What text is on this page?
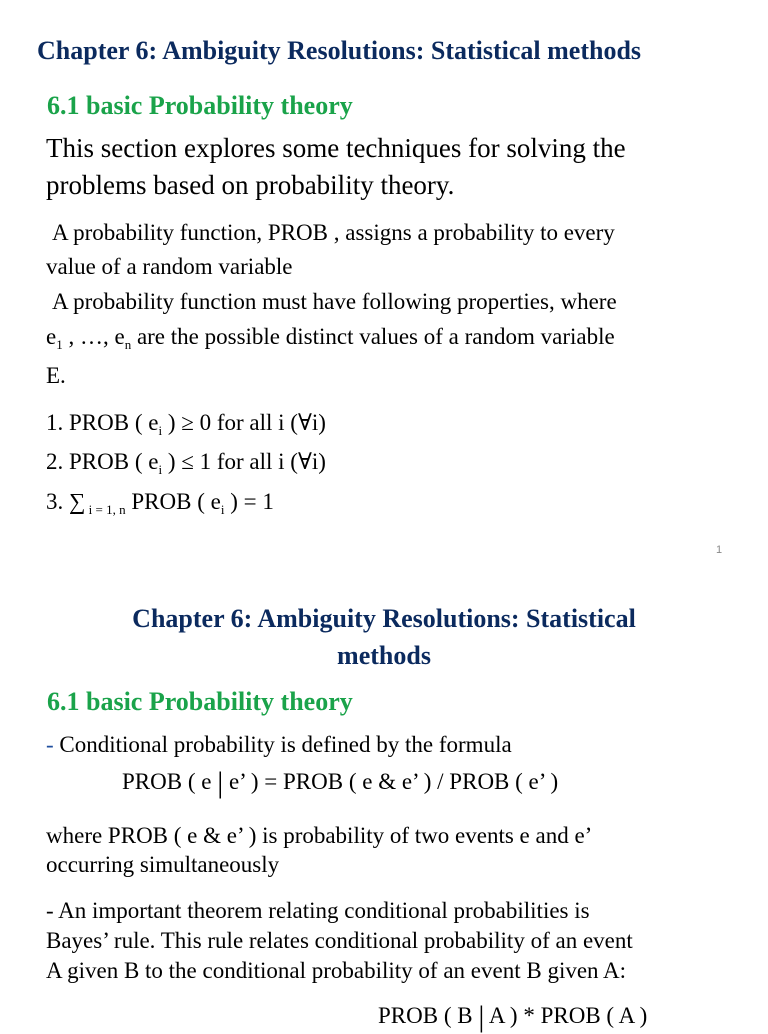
Chapter 6: Ambiguity Resolutions: Statistical methods
6.1 basic Probability theory
This section explores some techniques for solving the
problems based on probability theory.
A probability function, PROB , assigns a probability to every
value of a random variable
A probability function must have following properties, where
$e_1$ , …, $e_n$ are the possible distinct values of a random variable
E.
1. PROB ( $e_i$ ) ≥ 0 for all i (∀i)
2. PROB ( $e_i$ ) ≤ 1 for all i (∀i)
3. ∑ $_{i = 1, n}$ PROB ( $e_i$ ) = 1
1
Chapter 6: Ambiguity Resolutions: Statistical
methods
6.1 basic Probability theory
- Conditional probability is defined by the formula
PROB ( e | e’ ) = PROB ( e & e’ ) / PROB ( e’ )
where PROB ( e & e’ ) is probability of two events e and e’
occurring simultaneously
- An important theorem relating conditional probabilities is
Bayes’ rule. This rule relates conditional probability of an event
A given B to the conditional probability of an event B given A:
PROB ( B | A ) * PROB ( A )
